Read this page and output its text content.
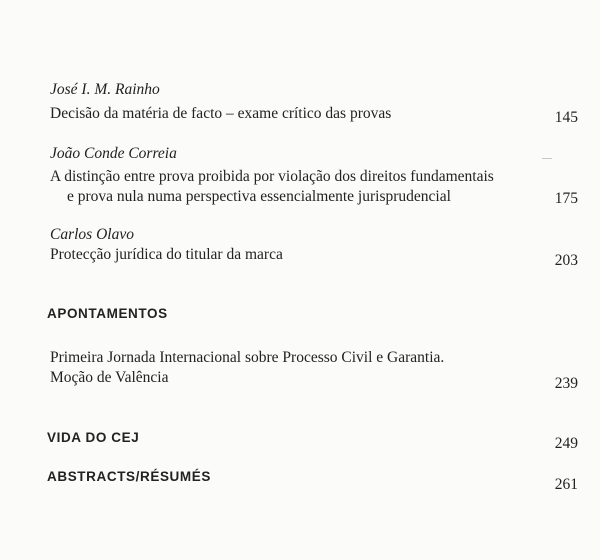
José I. M. Rainho
Decisão da matéria de facto – exame crítico das provas	145
João Conde Correia
A distinção entre prova proibida por violação dos direitos fundamentais
e prova nula numa perspectiva essencialmente jurisprudencial	175
Carlos Olavo
Protecção jurídica do titular da marca	203
APONTAMENTOS
Primeira Jornada Internacional sobre Processo Civil e Garantia.
Moção de Valência	239
VIDA DO CEJ	249
ABSTRACTS/RÉSUMÉS	261
